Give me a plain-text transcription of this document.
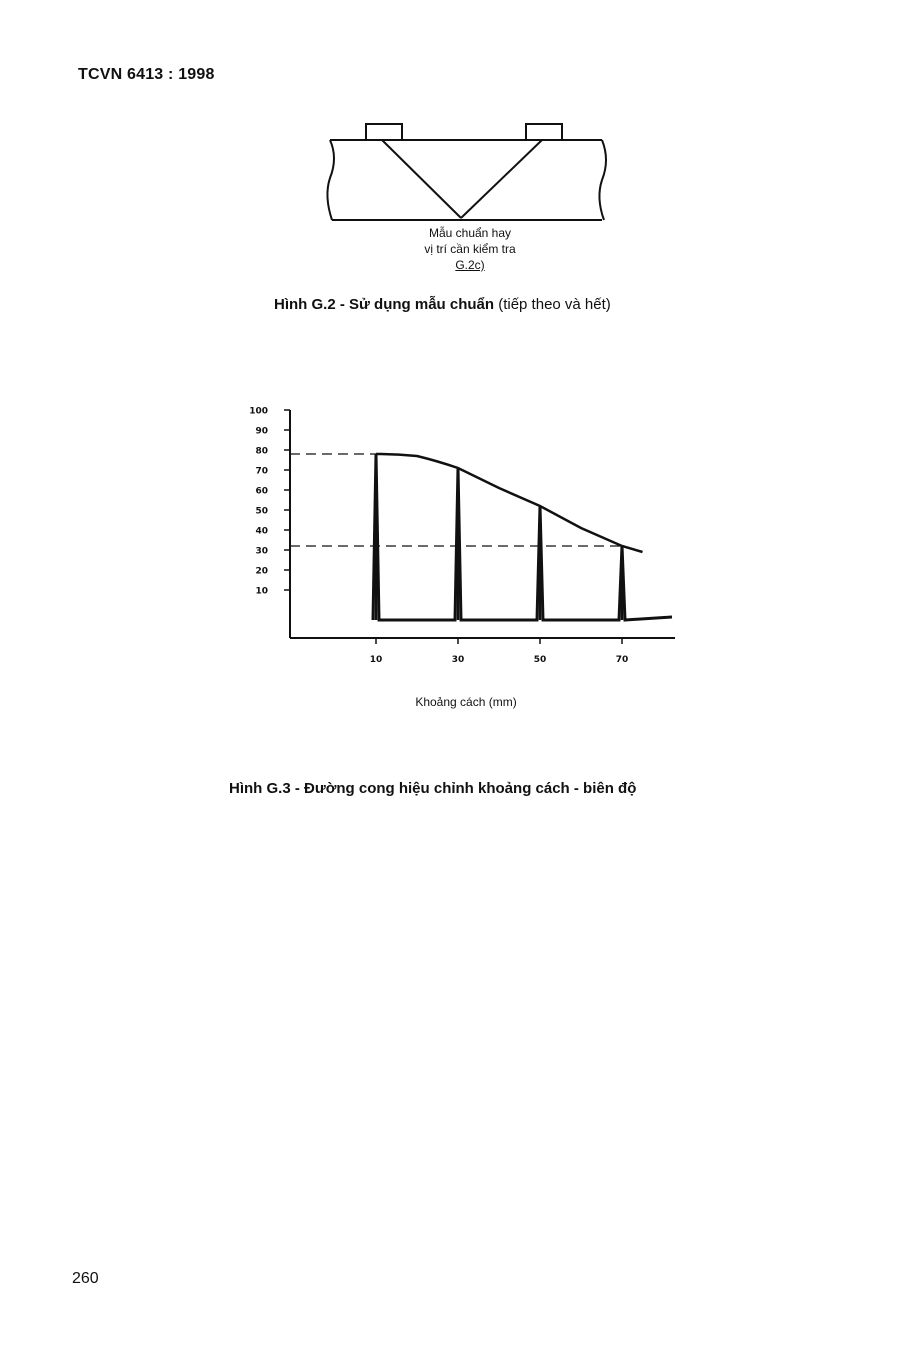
TCVN 6413 : 1998
Mẫu chuẩn hay
vị trí cần kiểm tra
G.2c)
Hình G.2 - Sử dụng mẫu chuẩn (tiếp theo và hết)
100
90
80
70
60
50
40
30
20
10
10	30	50	70
Khoảng cách (mm)
Hình G.3 - Đường cong hiệu chỉnh khoảng cách - biên độ
260
